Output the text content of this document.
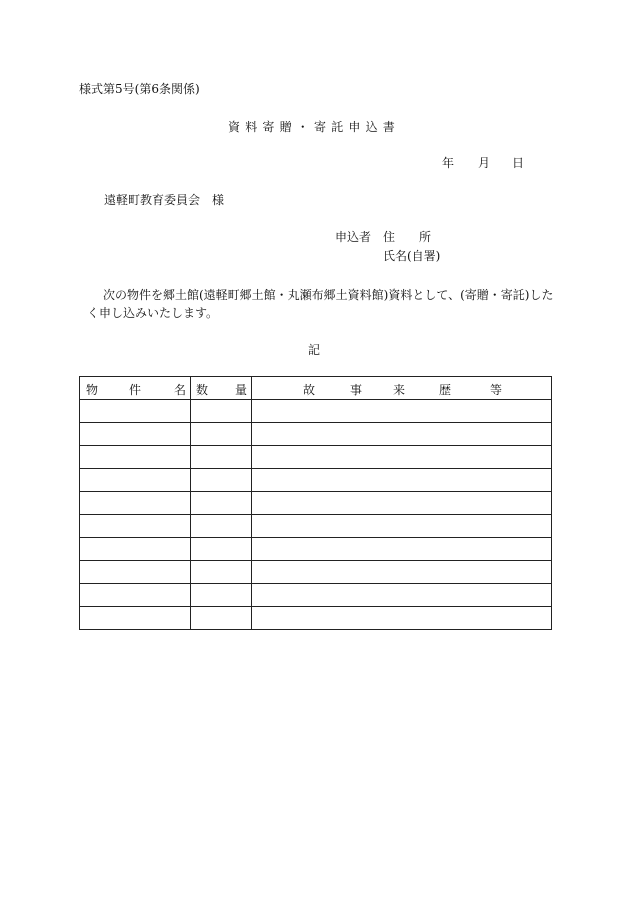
様式第5号(第6条関係)
資料寄贈・寄託申込書
年 月 日
遠軽町教育委員会　様
申込者 住　所
氏名(自署)
次の物件を郷土館(遠軽町郷土館・丸瀬布郷土資料館)資料として、(寄贈・寄託)したく申し込みいたします。
記
物 件 名	数 量	故 事 来 歴 等
